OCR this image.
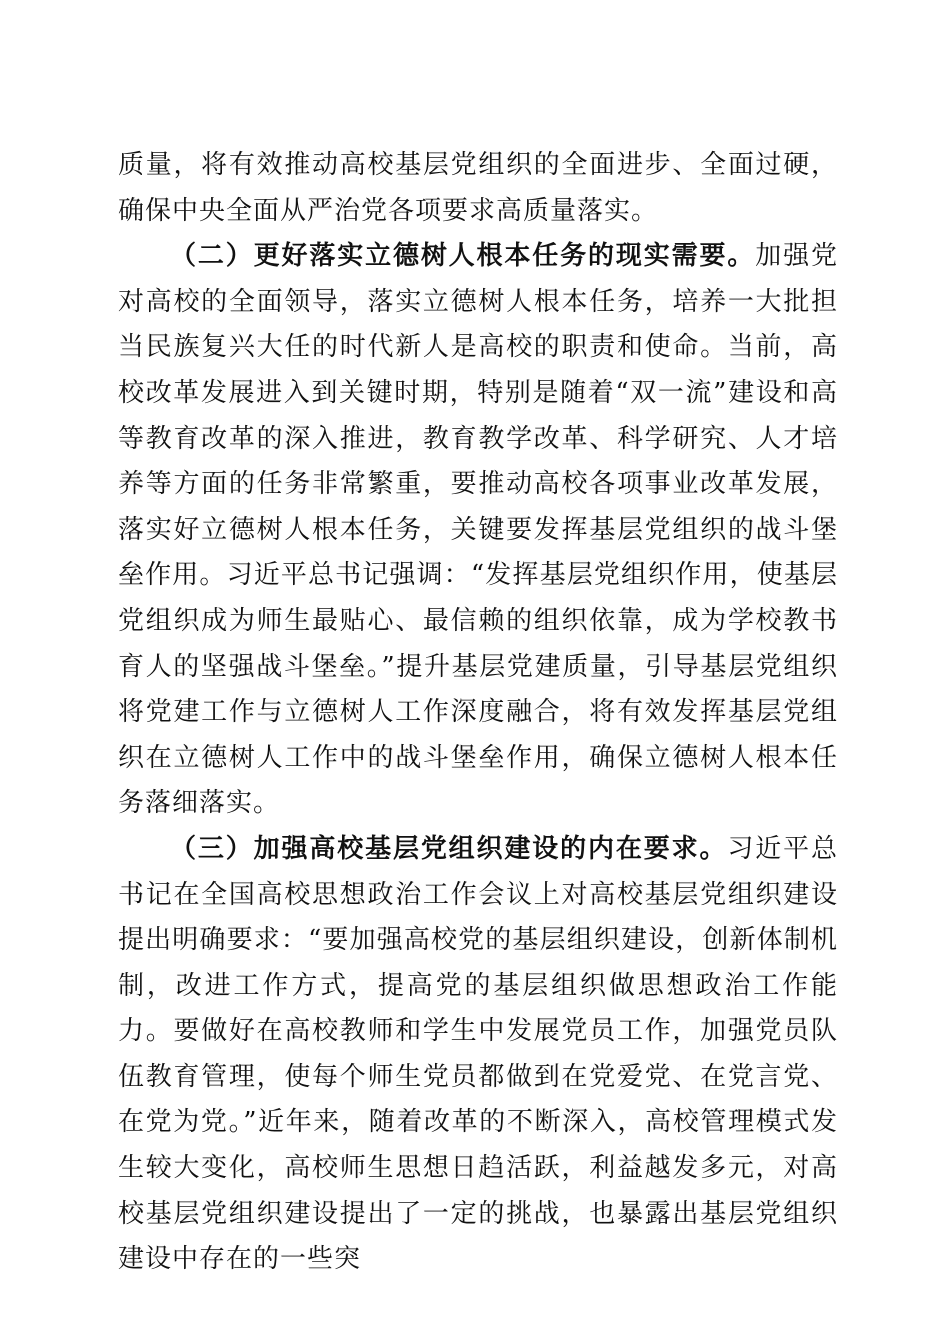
质量，将有效推动高校基层党组织的全面进步、全面过硬，确保中央全面从严治党各项要求高质量落实。

（二）更好落实立德树人根本任务的现实需要。加强党对高校的全面领导，落实立德树人根本任务，培养一大批担当民族复兴大任的时代新人是高校的职责和使命。当前，高校改革发展进入到关键时期，特别是随着“双一流”建设和高等教育改革的深入推进，教育教学改革、科学研究、人才培养等方面的任务非常繁重，要推动高校各项事业改革发展，落实好立德树人根本任务，关键要发挥基层党组织的战斗堡垒作用。习近平总书记强调：“发挥基层党组织作用，使基层党组织成为师生最贴心、最信赖的组织依靠，成为学校教书育人的坚强战斗堡垒。”提升基层党建质量，引导基层党组织将党建工作与立德树人工作深度融合，将有效发挥基层党组织在立德树人工作中的战斗堡垒作用，确保立德树人根本任务落细落实。

（三）加强高校基层党组织建设的内在要求。习近平总书记在全国高校思想政治工作会议上对高校基层党组织建设提出明确要求：“要加强高校党的基层组织建设，创新体制机制，改进工作方式，提高党的基层组织做思想政治工作能力。要做好在高校教师和学生中发展党员工作，加强党员队伍教育管理，使每个师生党员都做到在党爱党、在党言党、在党为党。”近年来，随着改革的不断深入，高校管理模式发生较大变化，高校师生思想日趋活跃，利益越发多元，对高校基层党组织建设提出了一定的挑战，也暴露出基层党组织建设中存在的一些突
